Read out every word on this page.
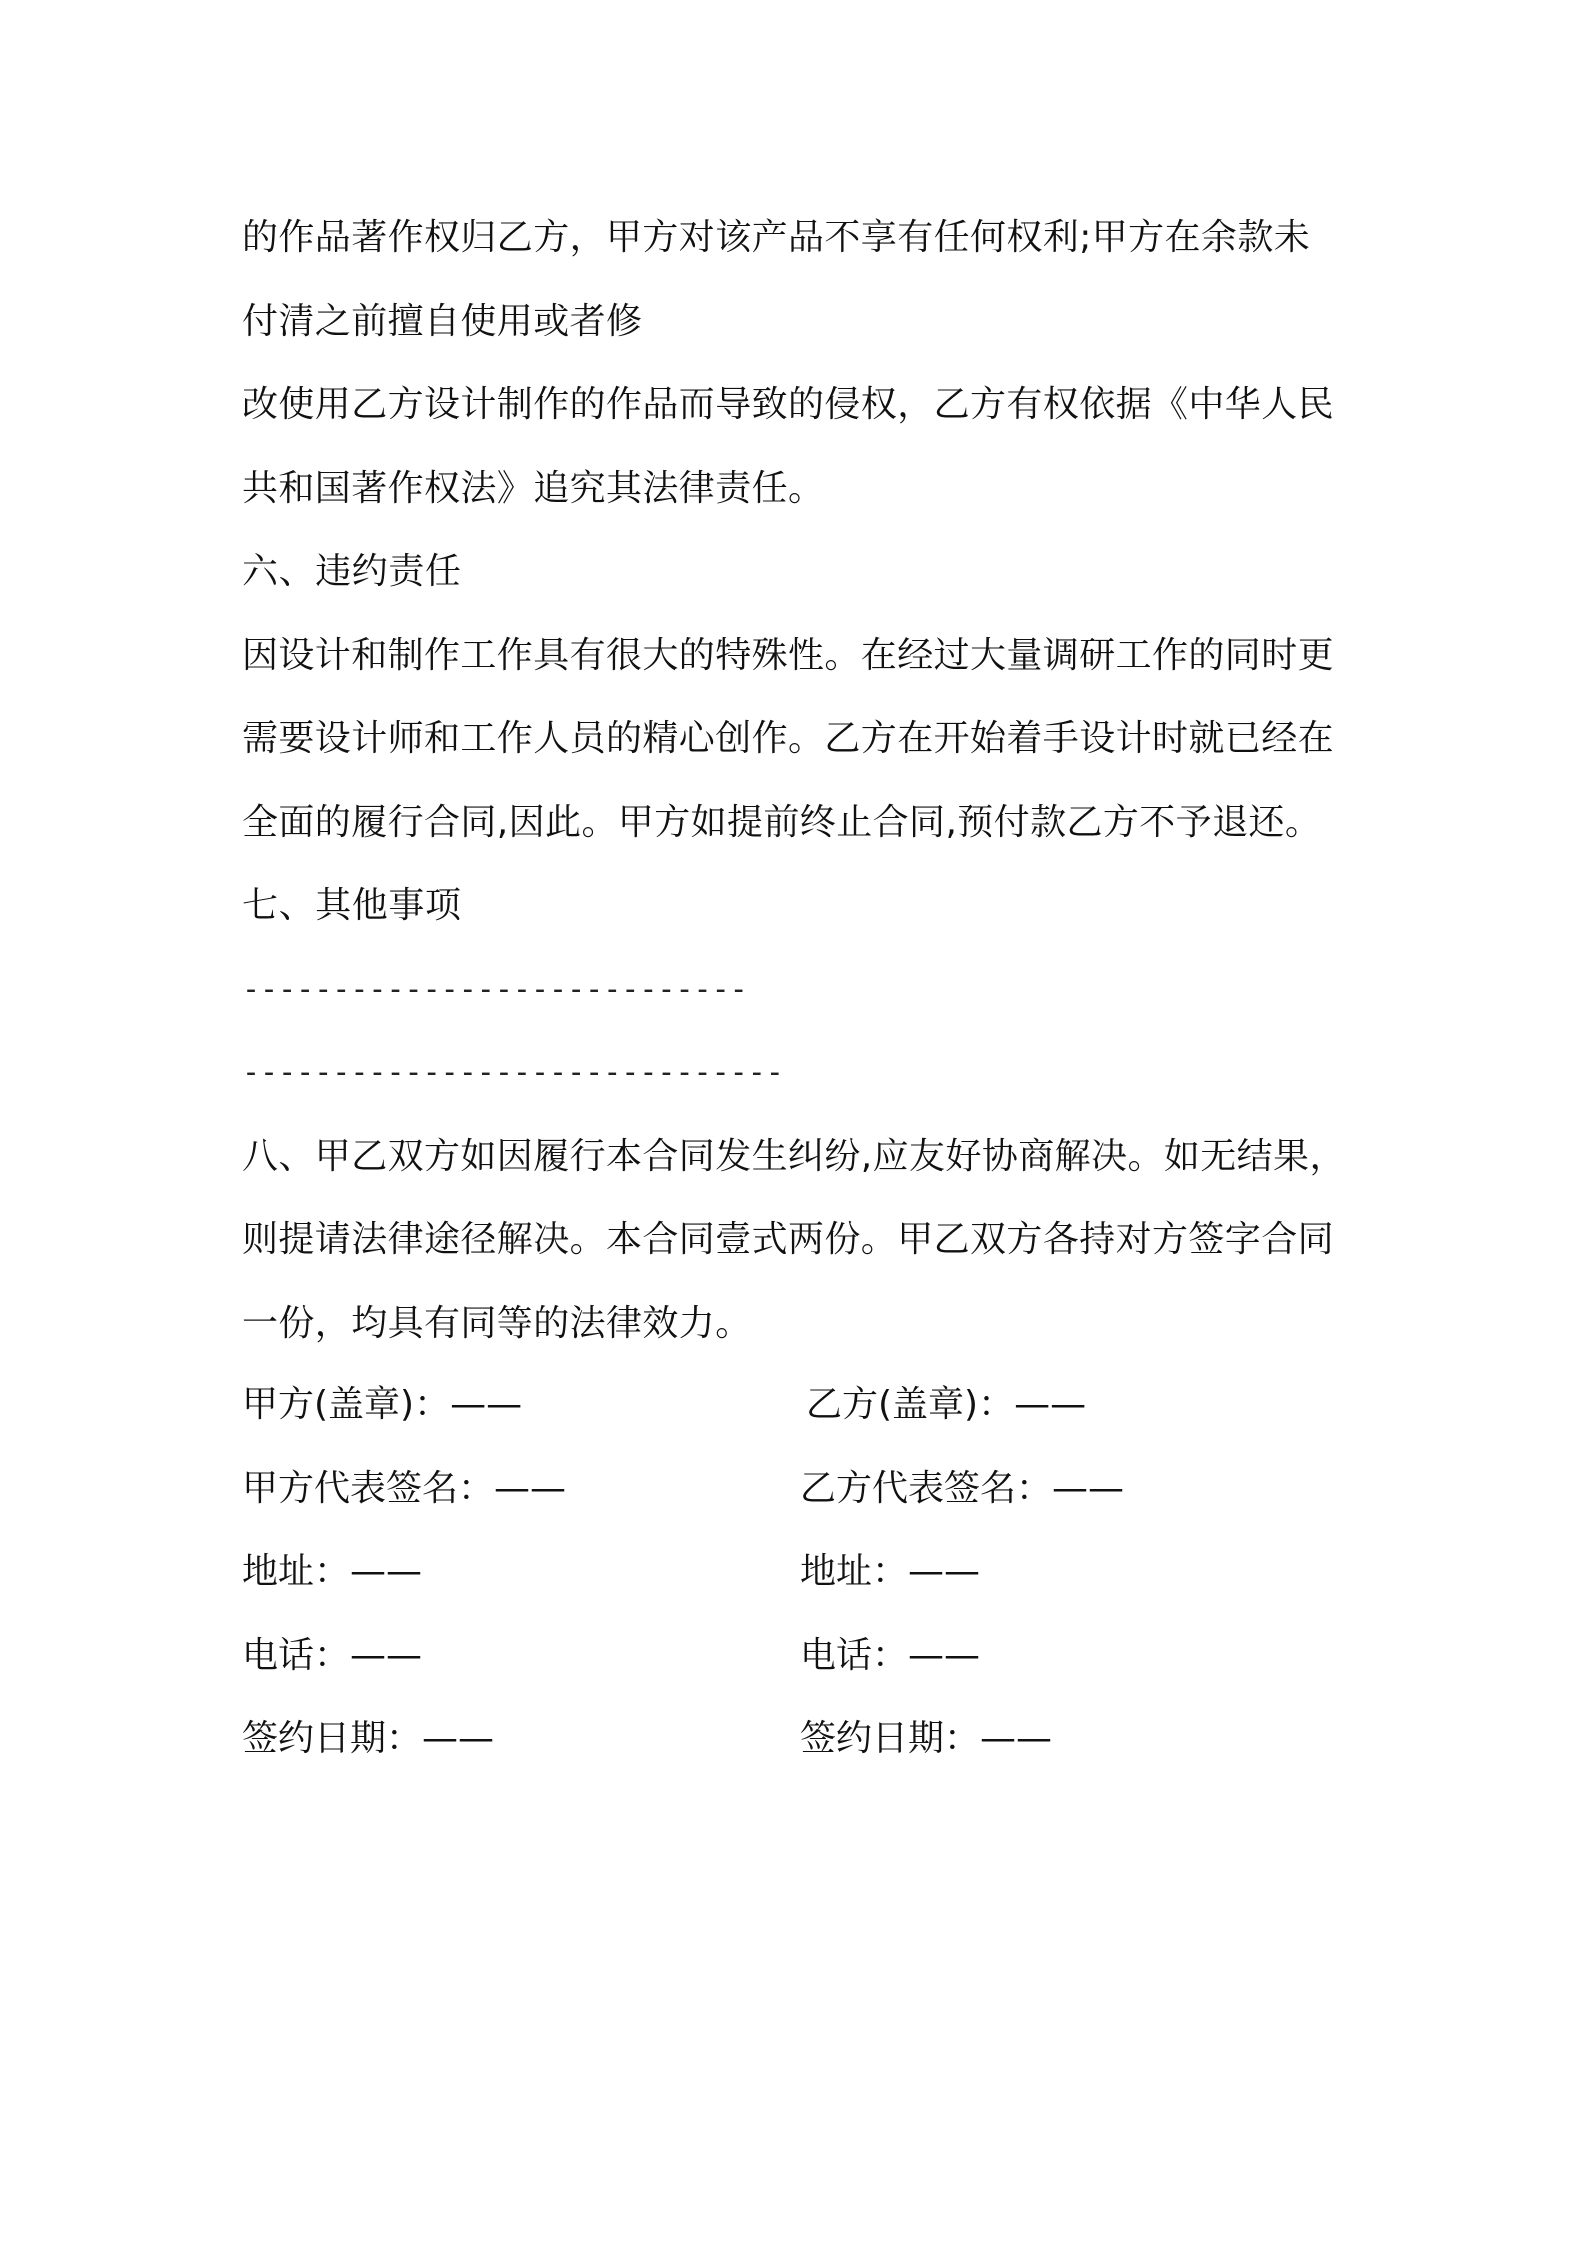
的作品著作权归乙方，甲方对该产品不享有任何权利;甲方在余款未
付清之前擅自使用或者修
改使用乙方设计制作的作品而导致的侵权，乙方有权依据《中华人民
共和国著作权法》追究其法律责任。
六、违约责任
因设计和制作工作具有很大的特殊性。在经过大量调研工作的同时更
需要设计师和工作人员的精心创作。乙方在开始着手设计时就已经在
全面的履行合同,因此。甲方如提前终止合同,预付款乙方不予退还。
七、其他事项
----------------------------
------------------------------
八、甲乙双方如因履行本合同发生纠纷,应友好协商解决。如无结果，
则提请法律途径解决。本合同壹式两份。甲乙双方各持对方签字合同
一份，均具有同等的法律效力。
甲方(盖章)：——	乙方(盖章)：——
甲方代表签名：——	乙方代表签名：——
地址：——	地址：——
电话：——	电话：——
签约日期：——	签约日期：——
